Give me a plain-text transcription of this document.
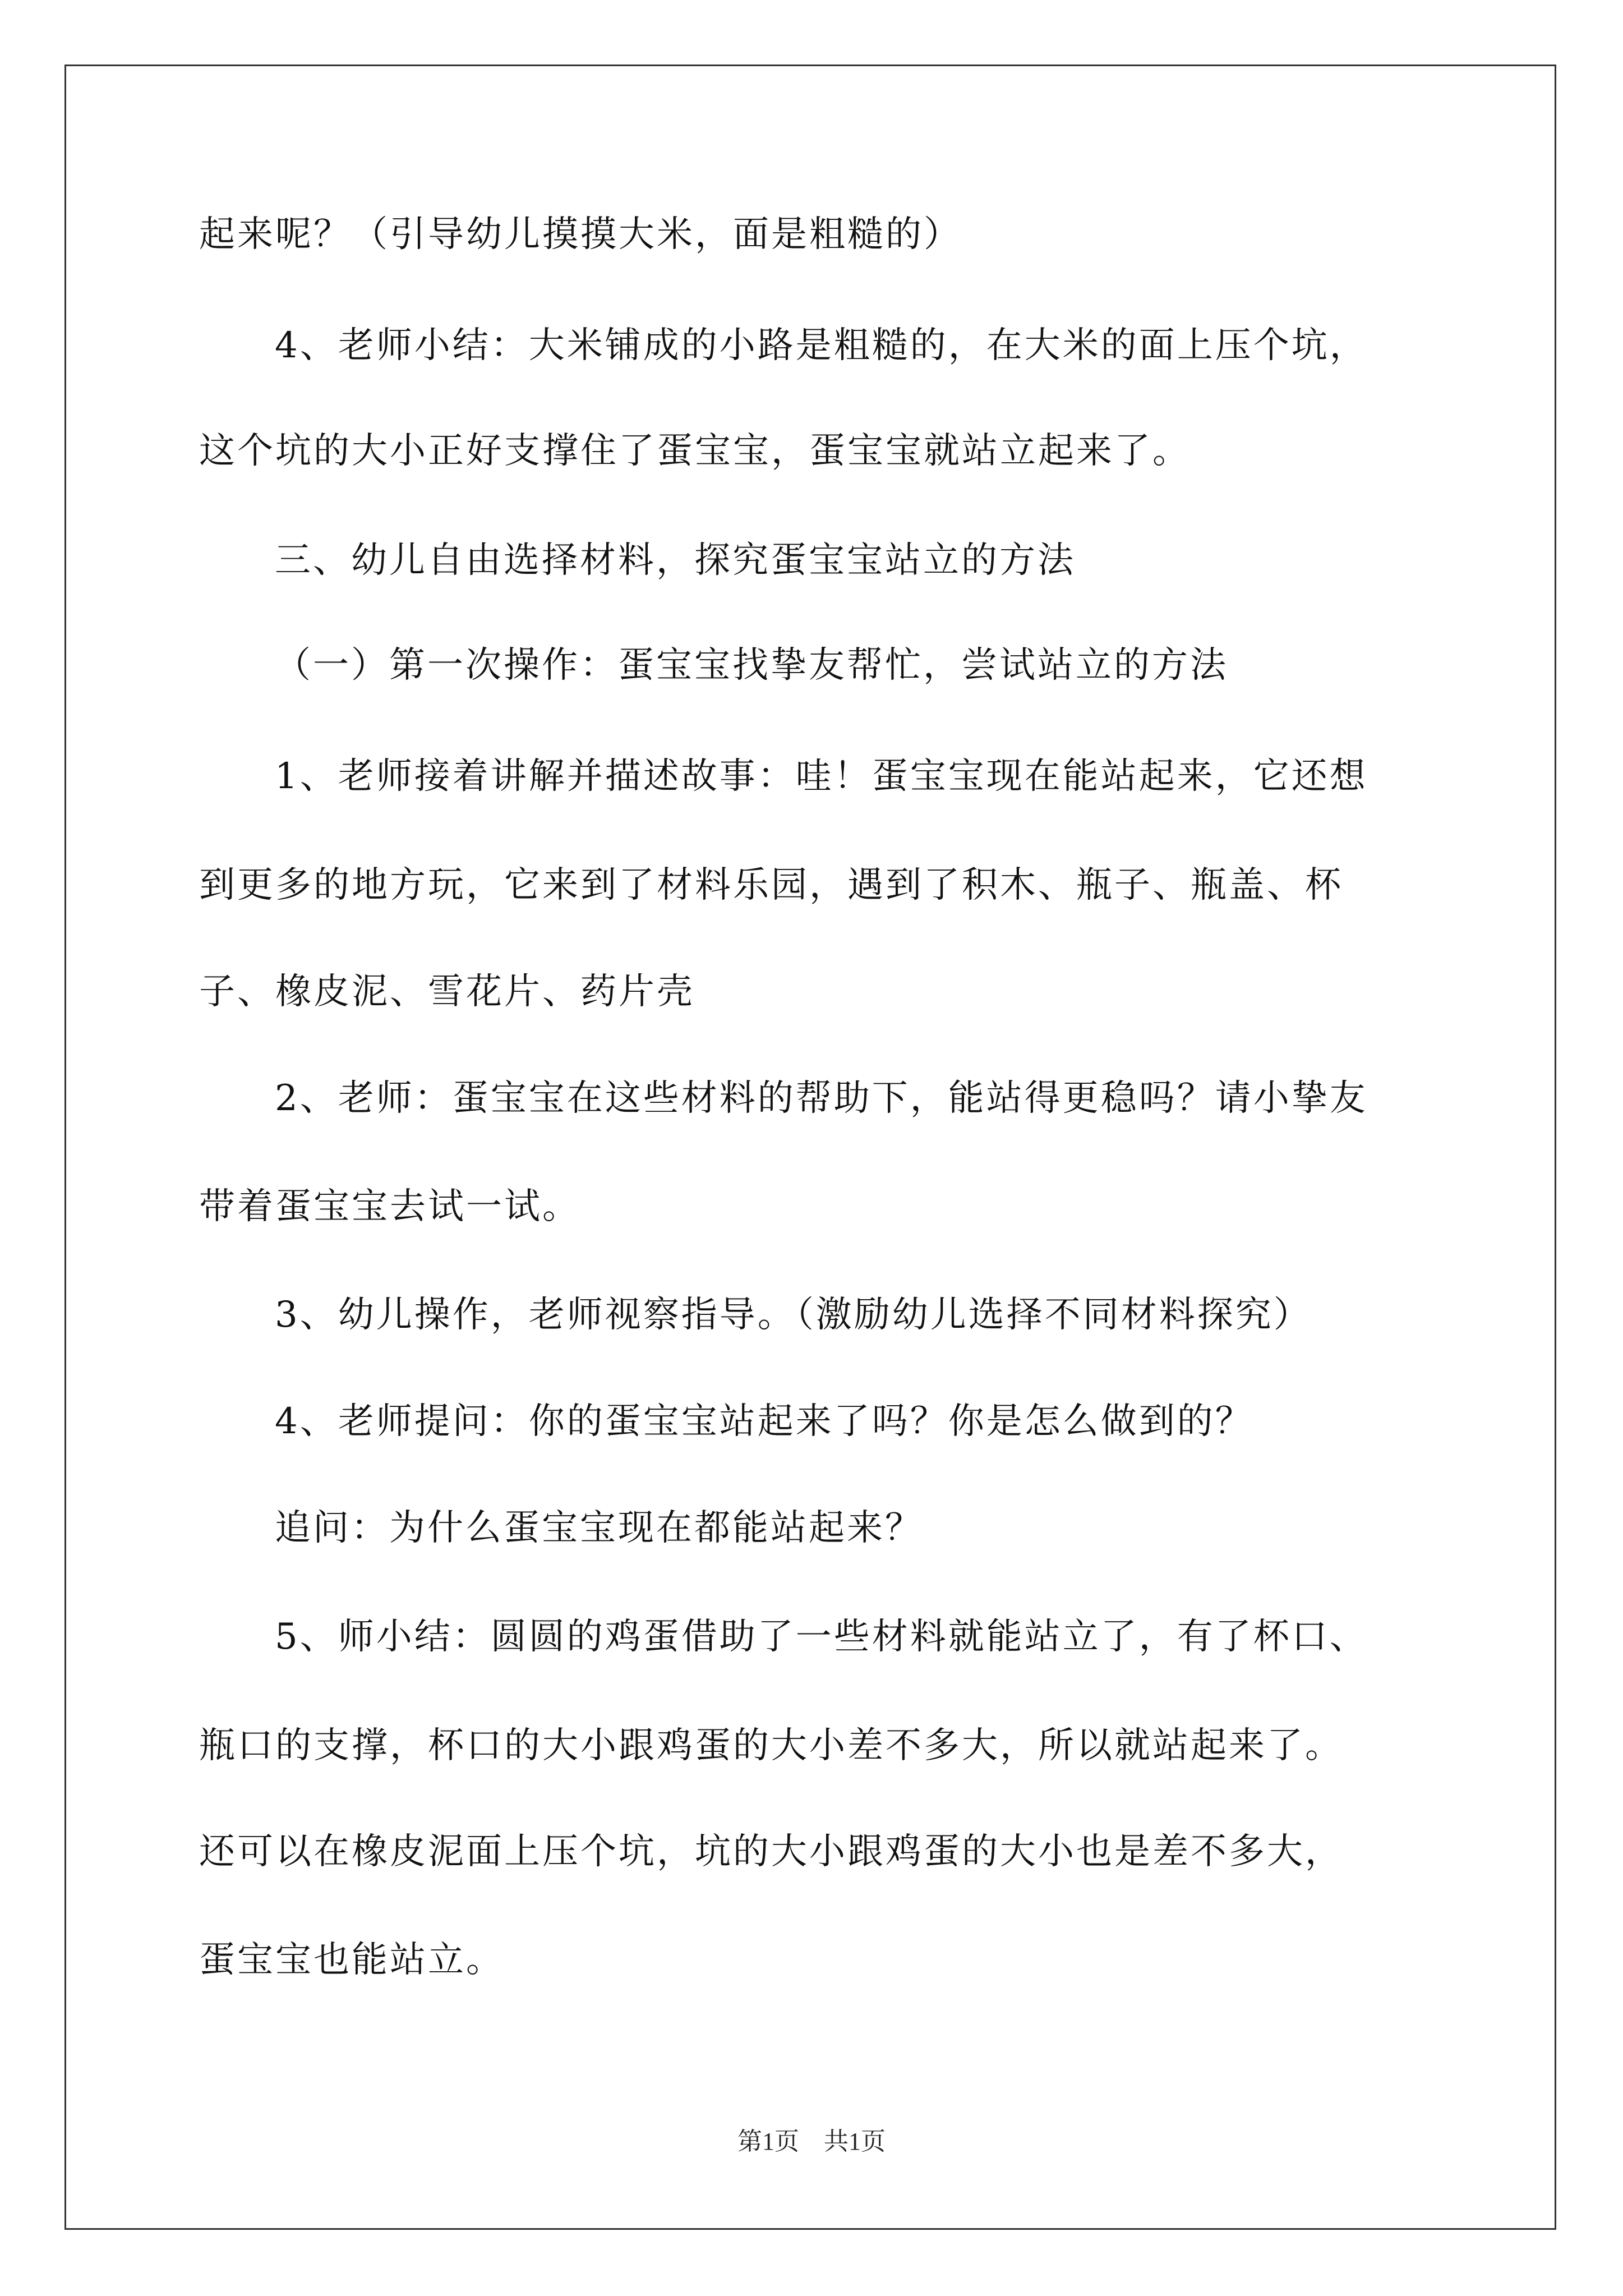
起来呢？（引导幼儿摸摸大米，面是粗糙的）
4、老师小结：大米铺成的小路是粗糙的，在大米的面上压个坑，
这个坑的大小正好支撑住了蛋宝宝，蛋宝宝就站立起来了。
三、幼儿自由选择材料，探究蛋宝宝站立的方法
（一）第一次操作：蛋宝宝找挚友帮忙，尝试站立的方法
1、老师接着讲解并描述故事：哇！蛋宝宝现在能站起来，它还想
到更多的地方玩，它来到了材料乐园，遇到了积木、瓶子、瓶盖、杯
子、橡皮泥、雪花片、药片壳
2、老师：蛋宝宝在这些材料的帮助下，能站得更稳吗？请小挚友
带着蛋宝宝去试一试。
3、幼儿操作，老师视察指导。（激励幼儿选择不同材料探究）
4、老师提问：你的蛋宝宝站起来了吗？你是怎么做到的？
追问：为什么蛋宝宝现在都能站起来？
5、师小结：圆圆的鸡蛋借助了一些材料就能站立了，有了杯口、
瓶口的支撑，杯口的大小跟鸡蛋的大小差不多大，所以就站起来了。
还可以在橡皮泥面上压个坑，坑的大小跟鸡蛋的大小也是差不多大，
蛋宝宝也能站立。
第1页　共1页
